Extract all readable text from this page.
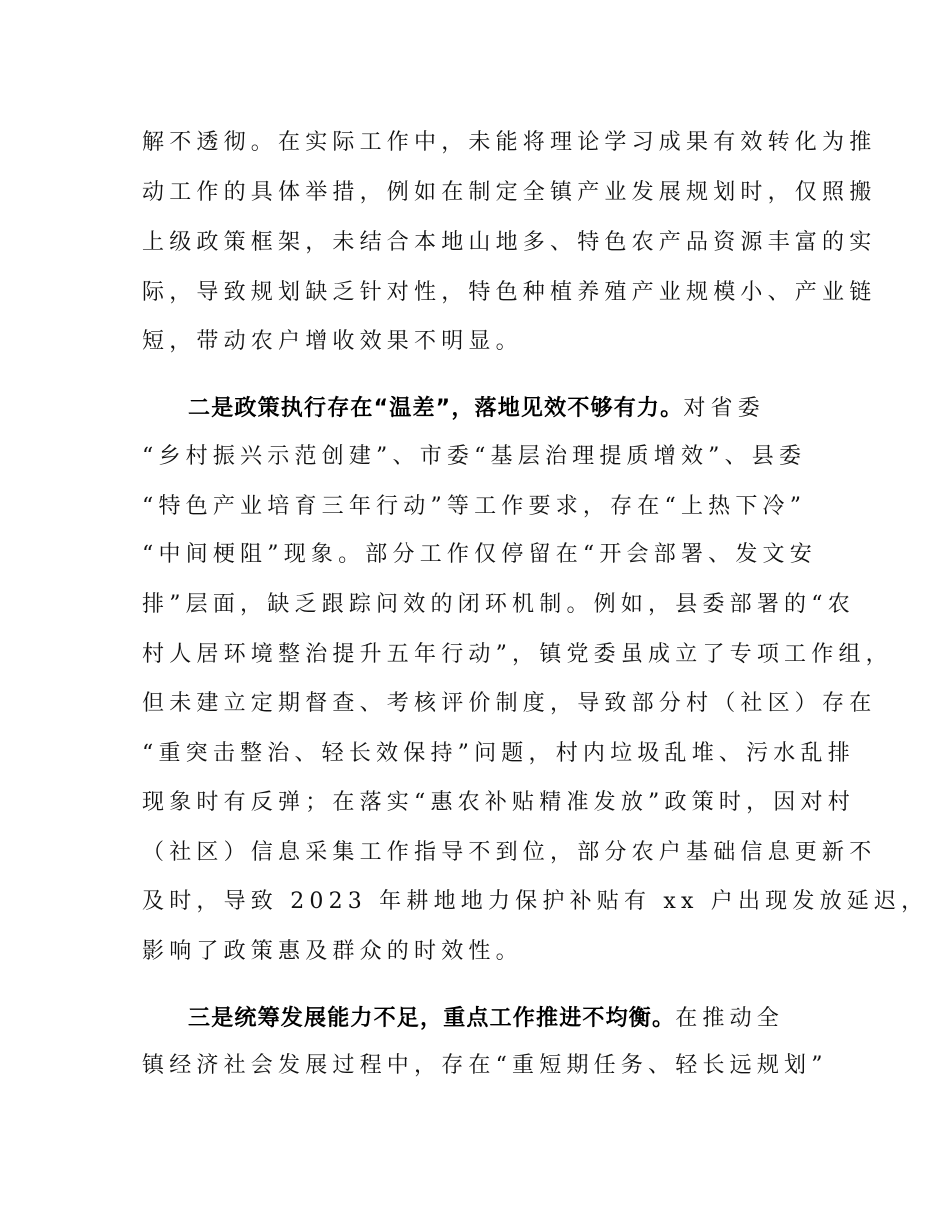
解不透彻。在实际工作中，未能将理论学习成果有效转化为推
动工作的具体举措，例如在制定全镇产业发展规划时，仅照搬
上级政策框架，未结合本地山地多、特色农产品资源丰富的实
际，导致规划缺乏针对性，特色种植养殖产业规模小、产业链
短，带动农户增收效果不明显。
二是政策执行存在“温差”，落地见效不够有力。对省委
“乡村振兴示范创建”、市委“基层治理提质增效”、县委
“特色产业培育三年行动”等工作要求，存在“上热下冷”
“中间梗阻”现象。部分工作仅停留在“开会部署、发文安
排”层面，缺乏跟踪问效的闭环机制。例如，县委部署的“农
村人居环境整治提升五年行动”，镇党委虽成立了专项工作组，
但未建立定期督查、考核评价制度，导致部分村（社区）存在
“重突击整治、轻长效保持”问题，村内垃圾乱堆、污水乱排
现象时有反弹；在落实“惠农补贴精准发放”政策时，因对村
（社区）信息采集工作指导不到位，部分农户基础信息更新不
及时，导致 2023 年耕地地力保护补贴有 xx 户出现发放延迟，
影响了政策惠及群众的时效性。
三是统筹发展能力不足，重点工作推进不均衡。在推动全
镇经济社会发展过程中，存在“重短期任务、轻长远规划”
